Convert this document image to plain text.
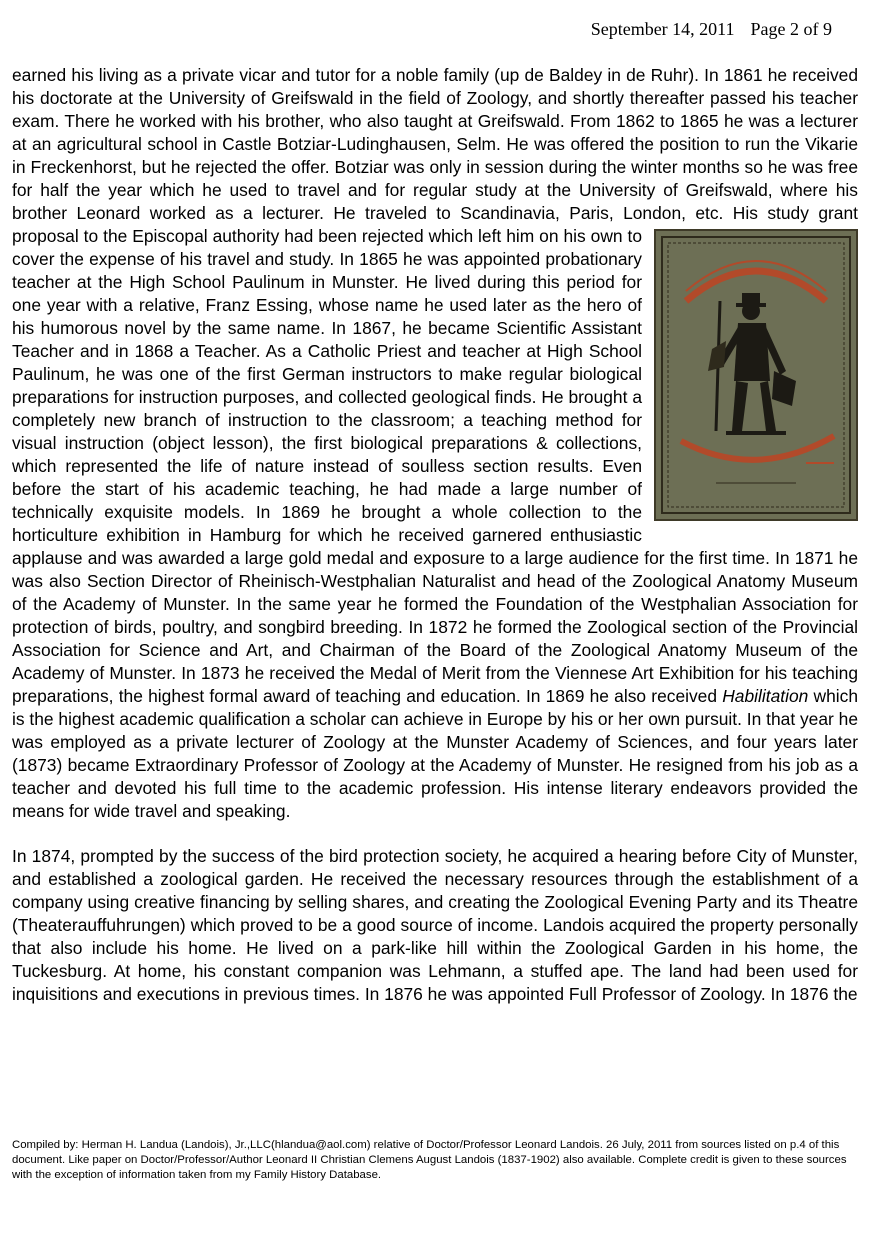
September 14, 2011 Page 2 of 9

earned his living as a private vicar and tutor for a noble family (up de Baldey in de Ruhr). In 1861 he received his doctorate at the University of Greifswald in the field of Zoology, and shortly thereafter passed his teacher exam. There he worked with his brother, who also taught at Greifswald. From 1862 to 1865 he was a lecturer at an agricultural school in Castle Botziar-Ludinghausen, Selm. He was offered the position to run the Vikarie in Freckenhorst, but he rejected the offer. Botziar was only in session during the winter months so he was free for half the year which he used to travel and for regular study at the University of Greifswald, where his brother Leonard worked as a lecturer. He traveled to Scandinavia, Paris, London, etc. His study grant proposal to the Episcopal authority had been rejected which left him on his own to cover the expense of his travel and study. In 1865 he was appointed probationary teacher at the High School Paulinum in Munster. He lived during this period for one year with a relative, Franz Essing, whose name he used later as the hero of his humorous novel by the same name. In 1867, he became Scientific Assistant Teacher and in 1868 a Teacher. As a Catholic Priest and teacher at High School Paulinum, he was one of the first German instructors to make regular biological preparations for instruction purposes, and collected geological finds. He brought a completely new branch of instruction to the classroom; a teaching method for visual instruction (object lesson), the first biological preparations & collections, which represented the life of nature instead of soulless section results. Even before the start of his academic teaching, he had made a large number of technically exquisite models. In 1869 he brought a whole collection to the horticulture exhibition in Hamburg for which he received garnered enthusiastic applause and was awarded a large gold medal and exposure to a large audience for the first time. In 1871 he was also Section Director of Rheinisch-Westphalian Naturalist and head of the Zoological Anatomy Museum of the Academy of Munster. In the same year he formed the Foundation of the Westphalian Association for protection of birds, poultry, and songbird breeding. In 1872 he formed the Zoological section of the Provincial Association for Science and Art, and Chairman of the Board of the Zoological Anatomy Museum of the Academy of Munster. In 1873 he received the Medal of Merit from the Viennese Art Exhibition for his teaching preparations, the highest formal award of teaching and education. In 1869 he also received Habilitation which is the highest academic qualification a scholar can achieve in Europe by his or her own pursuit. In that year he was employed as a private lecturer of Zoology at the Munster Academy of Sciences, and four years later (1873) became Extraordinary Professor of Zoology at the Academy of Munster. He resigned from his job as a teacher and devoted his full time to the academic profession. His intense literary endeavors provided the means for wide travel and speaking.

In 1874, prompted by the success of the bird protection society, he acquired a hearing before City of Munster, and established a zoological garden. He received the necessary resources through the establishment of a company using creative financing by selling shares, and creating the Zoological Evening Party and its Theatre (Theaterauffuhrungen) which proved to be a good source of income. Landois acquired the property personally that also include his home. He lived on a park-like hill within the Zoological Garden in his home, the Tuckesburg. At home, his constant companion was Lehmann, a stuffed ape. The land had been used for inquisitions and executions in previous times. In 1876 he was appointed Full Professor of Zoology. In 1876 the

Compiled by: Herman H. Landua (Landois), Jr.,LLC(hlandua@aol.com) relative of Doctor/Professor Leonard Landois. 26 July, 2011 from sources listed on p.4 of this document. Like paper on Doctor/Professor/Author Leonard II Christian Clemens August Landois (1837-1902) also available. Complete credit is given to these sources with the exception of information taken from my Family History Database.
